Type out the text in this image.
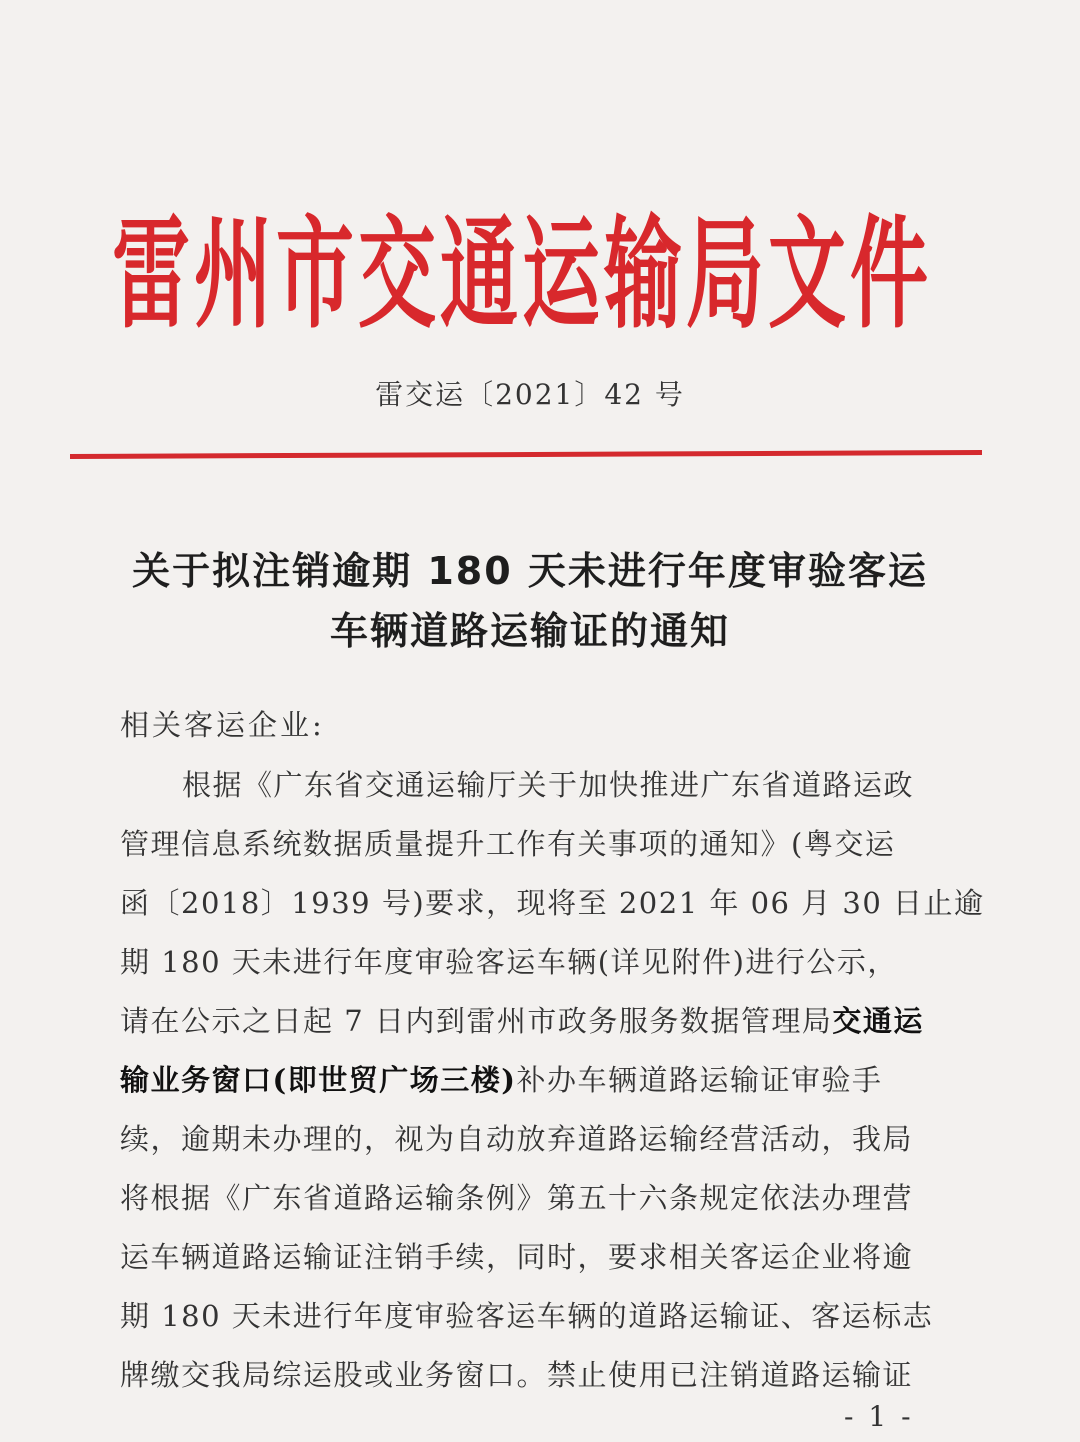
雷州市交通运输局文件
雷交运〔2021〕42 号
关于拟注销逾期 180 天未进行年度审验客运
车辆道路运输证的通知
相关客运企业:
根据《广东省交通运输厅关于加快推进广东省道路运政
管理信息系统数据质量提升工作有关事项的通知》(粤交运
函〔2018〕1939 号)要求，现将至 2021 年 06 月 30 日止逾
期 180 天未进行年度审验客运车辆(详见附件)进行公示，
请在公示之日起 7 日内到雷州市政务服务数据管理局交通运
输业务窗口(即世贸广场三楼)补办车辆道路运输证审验手
续，逾期未办理的，视为自动放弃道路运输经营活动，我局
将根据《广东省道路运输条例》第五十六条规定依法办理营
运车辆道路运输证注销手续，同时，要求相关客运企业将逾
期 180 天未进行年度审验客运车辆的道路运输证、客运标志
牌缴交我局综运股或业务窗口。禁止使用已注销道路运输证
- 1 -
